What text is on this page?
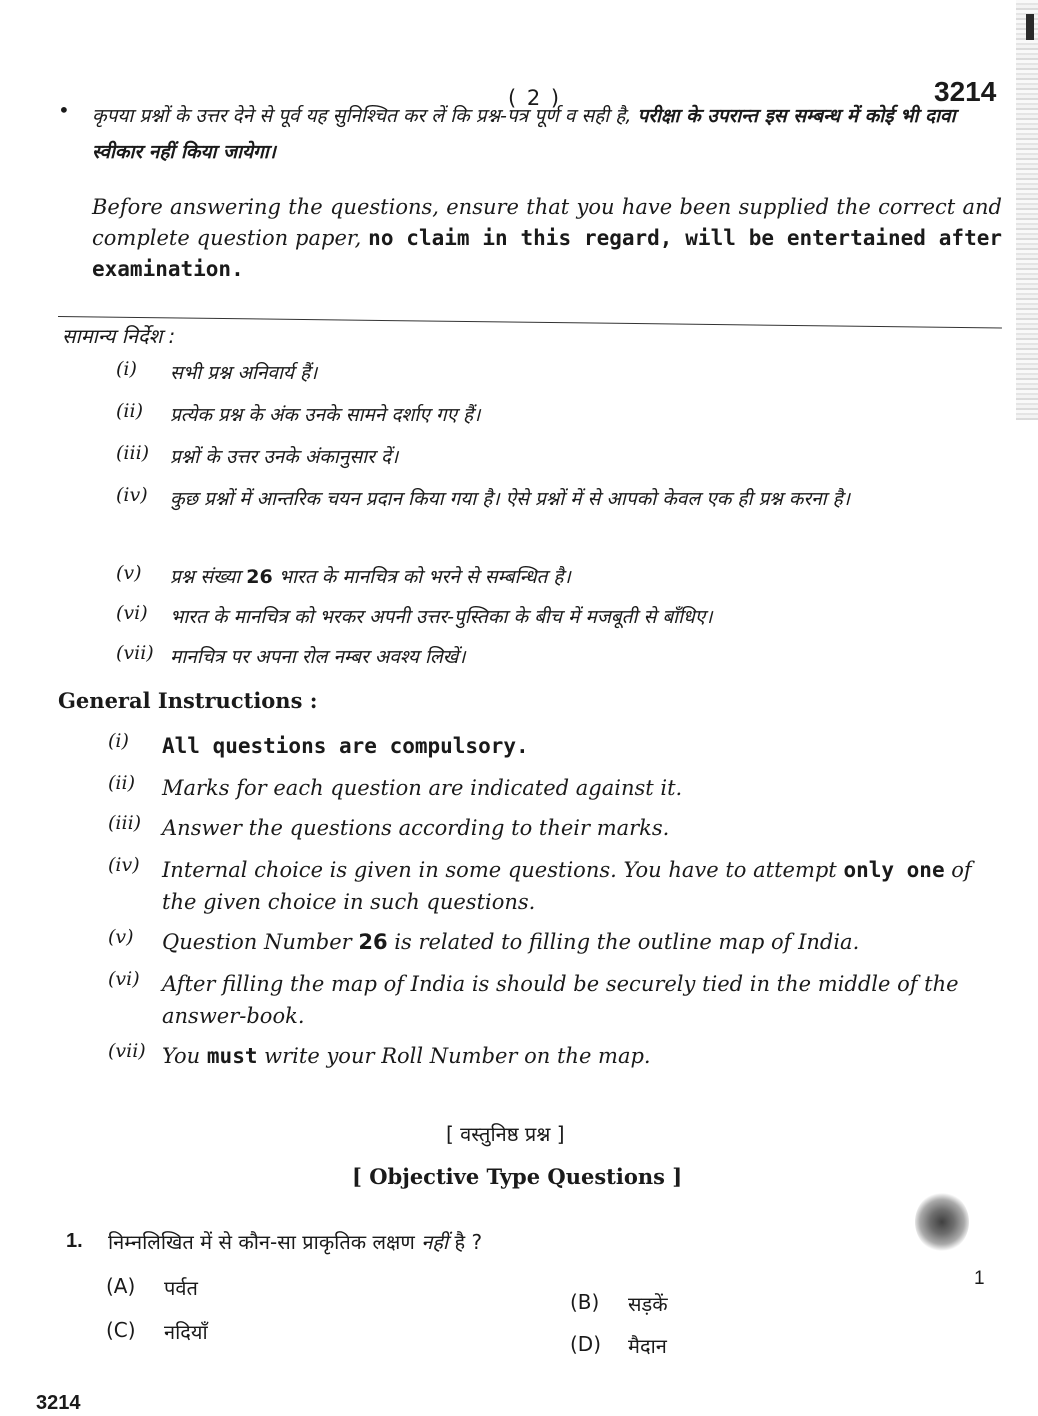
( 2 )	3214
• कृपया प्रश्नों के उत्तर देने से पूर्व यह सुनिश्चित कर लें कि प्रश्न-पत्र पूर्ण व सही है, परीक्षा के उपरान्त इस सम्बन्ध में कोई भी दावा स्वीकार नहीं किया जायेगा।
Before answering the questions, ensure that you have been supplied the correct and complete question paper, no claim in this regard, will be entertained after examination.
सामान्य निर्देश :
(i)	सभी प्रश्न अनिवार्य हैं।
(ii)	प्रत्येक प्रश्न के अंक उनके सामने दर्शाए गए हैं।
(iii)	प्रश्नों के उत्तर उनके अंकानुसार दें।
(iv)	कुछ प्रश्नों में आन्तरिक चयन प्रदान किया गया है। ऐसे प्रश्नों में से आपको केवल एक ही प्रश्न करना है।
(v)	प्रश्न संख्या 26 भारत के मानचित्र को भरने से सम्बन्धित है।
(vi)	भारत के मानचित्र को भरकर अपनी उत्तर-पुस्तिका के बीच में मजबूती से बाँधिए।
(vii) मानचित्र पर अपना रोल नम्बर अवश्य लिखें।
General Instructions :
(i)	All questions are compulsory.
(ii)	Marks for each question are indicated against it.
(iii) Answer the questions according to their marks.
(iv)	Internal choice is given in some questions. You have to attempt only one of the given choice in such questions.
(v)	Question Number 26 is related to filling the outline map of India.
(vi)	After filling the map of India is should be securely tied in the middle of the answer-book.
(vii) You must write your Roll Number on the map.
[ वस्तुनिष्ठ प्रश्न ]
[ Objective Type Questions ]
1. निम्नलिखित में से कौन-सा प्राकृतिक लक्षण नहीं है ?
1
(A)	पर्वत
(B)	सड़कें
(C)	नदियाँ	(D)	मैदान
3214
